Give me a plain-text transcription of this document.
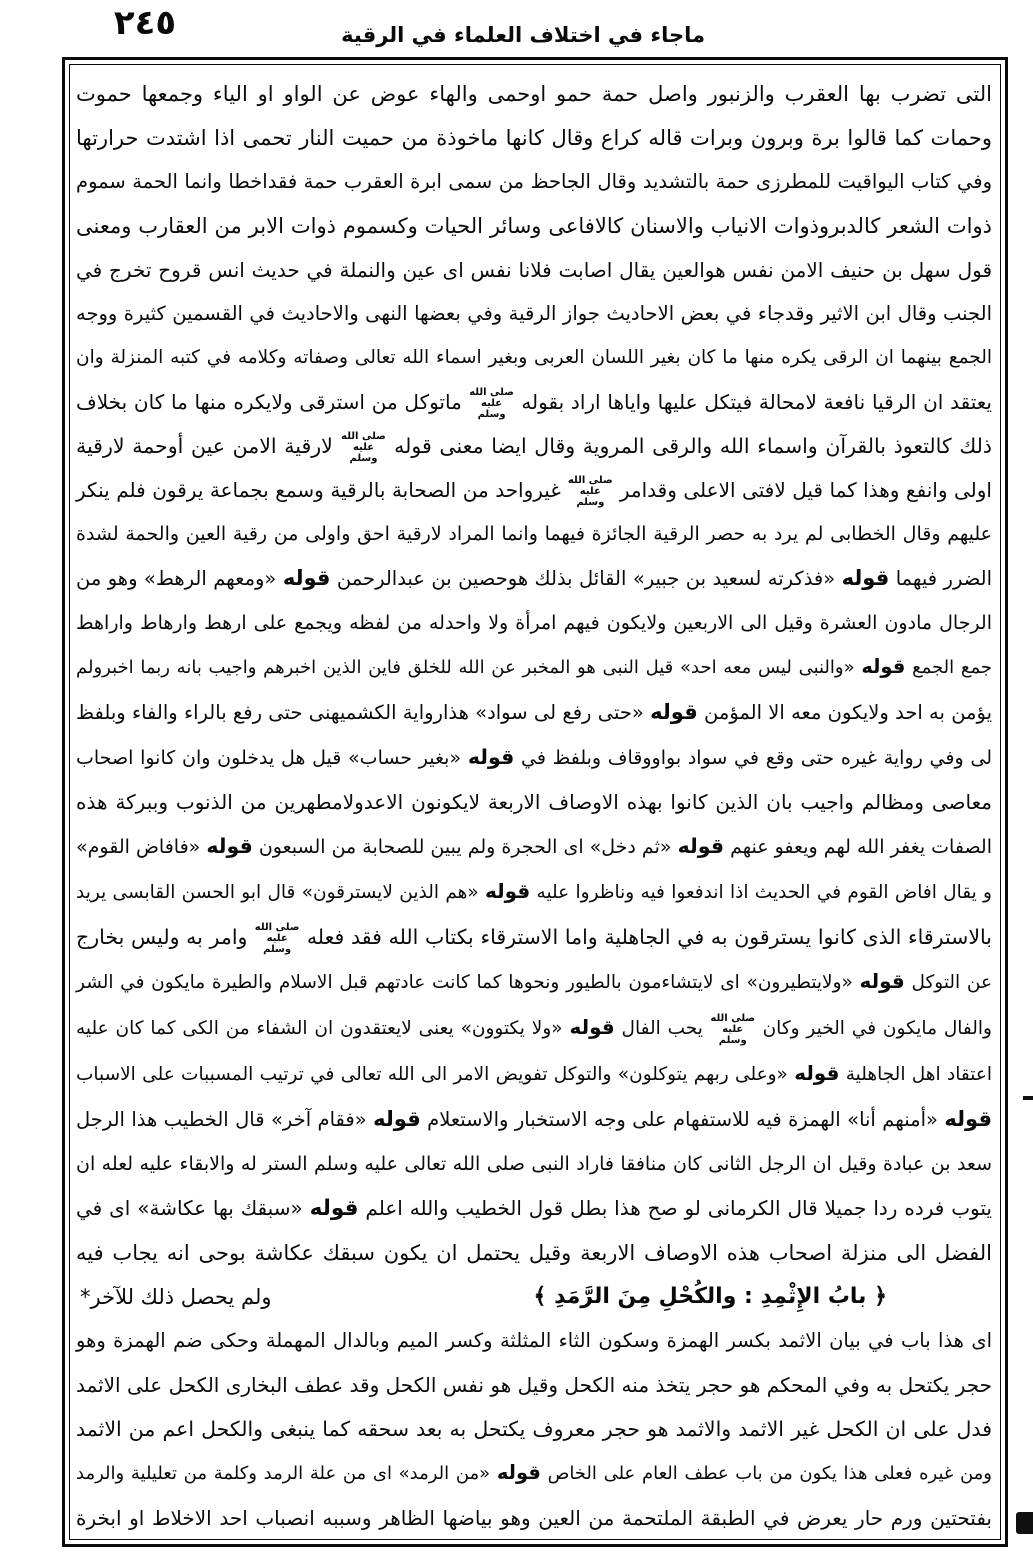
٢٤٥	ماجاء في اختلاف العلماء في الرقية
التى تضرب بها العقرب والزنبور واصل حمة حمو اوحمى والهاء عوض عن الواو او الياء وجمعها حموت
وحمات كما قالوا برة وبرون وبرات قاله كراع وقال كانها ماخوذة من حميت النار تحمى اذا اشتدت حرارتها
وفي كتاب اليواقيت للمطرزى حمة بالتشديد وقال الجاحظ من سمى ابرة العقرب حمة فقداخطا وانما الحمة سموم
ذوات الشعر كالدبروذوات الانياب والاسنان كالافاعى وسائر الحيات وكسموم ذوات الابر من العقارب ومعنى
قول سهل بن حنيف الامن نفس هوالعين يقال اصابت فلانا نفس اى عين والنملة في حديث انس قروح تخرج في
الجنب وقال ابن الاثير وقدجاء في بعض الاحاديث جواز الرقية وفي بعضها النهى والاحاديث في القسمين كثيرة ووجه
الجمع بينهما ان الرقى يكره منها ما كان بغير اللسان العربى وبغير اسماء الله تعالى وصفاته وكلامه في كتبه المنزلة وان
يعتقد ان الرقيا نافعة لامحالة فيتكل عليها واياها اراد بقوله صلى الله عليه وسلم ماتوكل من استرقى ولايكره منها ما كان بخلاف
ذلك كالتعوذ بالقرآن واسماء الله والرقى المروية وقال ايضا معنى قوله صلى الله عليه وسلم لارقية الامن عين أوحمة لارقية
اولى وانفع وهذا كما قيل لافتى الاعلى وقدامر صلى الله عليه وسلم غيرواحد من الصحابة بالرقية وسمع بجماعة يرقون فلم ينكر
عليهم وقال الخطابى لم يرد به حصر الرقية الجائزة فيهما وانما المراد لارقية احق واولى من رقية العين والحمة لشدة
الضرر فيهما قوله «فذكرته لسعيد بن جبير» القائل بذلك هوحصين بن عبدالرحمن قوله «ومعهم الرهط» وهو من
الرجال مادون العشرة وقيل الى الاربعين ولايكون فيهم امرأة ولا واحدله من لفظه ويجمع على ارهط وارهاط واراهط
جمع الجمع قوله «والنبى ليس معه احد» قيل النبى هو المخبر عن الله للخلق فاين الذين اخبرهم واجيب بانه ربما اخبرولم
يؤمن به احد ولايكون معه الا المؤمن قوله «حتى رفع لى سواد» هذارواية الكشميهنى حتى رفع بالراء والفاء وبلفظ
لى وفي رواية غيره حتى وقع في سواد بواووقاف وبلفظ في قوله «بغير حساب» قيل هل يدخلون وان كانوا اصحاب
معاصى ومظالم واجيب بان الذين كانوا بهذه الاوصاف الاربعة لايكونون الاعدولامطهرين من الذنوب وببركة هذه
الصفات يغفر الله لهم ويعفو عنهم قوله «ثم دخل» اى الحجرة ولم يبين للصحابة من السبعون قوله «فافاض القوم»
و يقال افاض القوم في الحديث اذا اندفعوا فيه وناظروا عليه قوله «هم الذين لايسترقون» قال ابو الحسن القابسى يريد
بالاسترقاء الذى كانوا يسترقون به في الجاهلية واما الاسترقاء بكتاب الله فقد فعله صلى الله عليه وسلم وامر به وليس بخارج
عن التوكل قوله «ولايتطيرون» اى لايتشاءمون بالطيور ونحوها كما كانت عادتهم قبل الاسلام والطيرة مايكون في الشر
والفال مايكون في الخير وكان صلى الله عليه وسلم يحب الفال قوله «ولا يكتوون» يعنى لايعتقدون ان الشفاء من الكى كما كان عليه
اعتقاد اهل الجاهلية قوله «وعلى ربهم يتوكلون» والتوكل تفويض الامر الى الله تعالى في ترتيب المسببات على الاسباب
قوله «أمنهم أنا» الهمزة فيه للاستفهام على وجه الاستخبار والاستعلام قوله «فقام آخر» قال الخطيب هذا الرجل
سعد بن عبادة وقيل ان الرجل الثانى كان منافقا فاراد النبى صلى الله تعالى عليه وسلم الستر له والابقاء عليه لعله ان
يتوب فرده ردا جميلا قال الكرمانى لو صح هذا بطل قول الخطيب والله اعلم قوله «سبقك بها عكاشة» اى في
الفضل الى منزلة اصحاب هذه الاوصاف الاربعة وقيل يحتمل ان يكون سبقك عكاشة بوحى انه يجاب فيه
ولم يحصل ذلك للآخر*	﴿ بابُ الإِثْمِدِ : والكُحْلِ مِنَ الرَّمَدِ ﴾
اى هذا باب في بيان الاثمد بكسر الهمزة وسكون الثاء المثلثة وكسر الميم وبالدال المهملة وحكى ضم الهمزة وهو
حجر يكتحل به وفي المحكم هو حجر يتخذ منه الكحل وقيل هو نفس الكحل وقد عطف البخارى الكحل على الاثمد
فدل على ان الكحل غير الاثمد والاثمد هو حجر معروف يكتحل به بعد سحقه كما ينبغى والكحل اعم من الاثمد
ومن غيره فعلى هذا يكون من باب عطف العام على الخاص قوله «من الرمد» اى من علة الرمد وكلمة من تعليلية والرمد
بفتحتين ورم حار يعرض في الطبقة الملتحمة من العين وهو بياضها الظاهر وسببه انصباب احد الاخلاط او ابخرة
